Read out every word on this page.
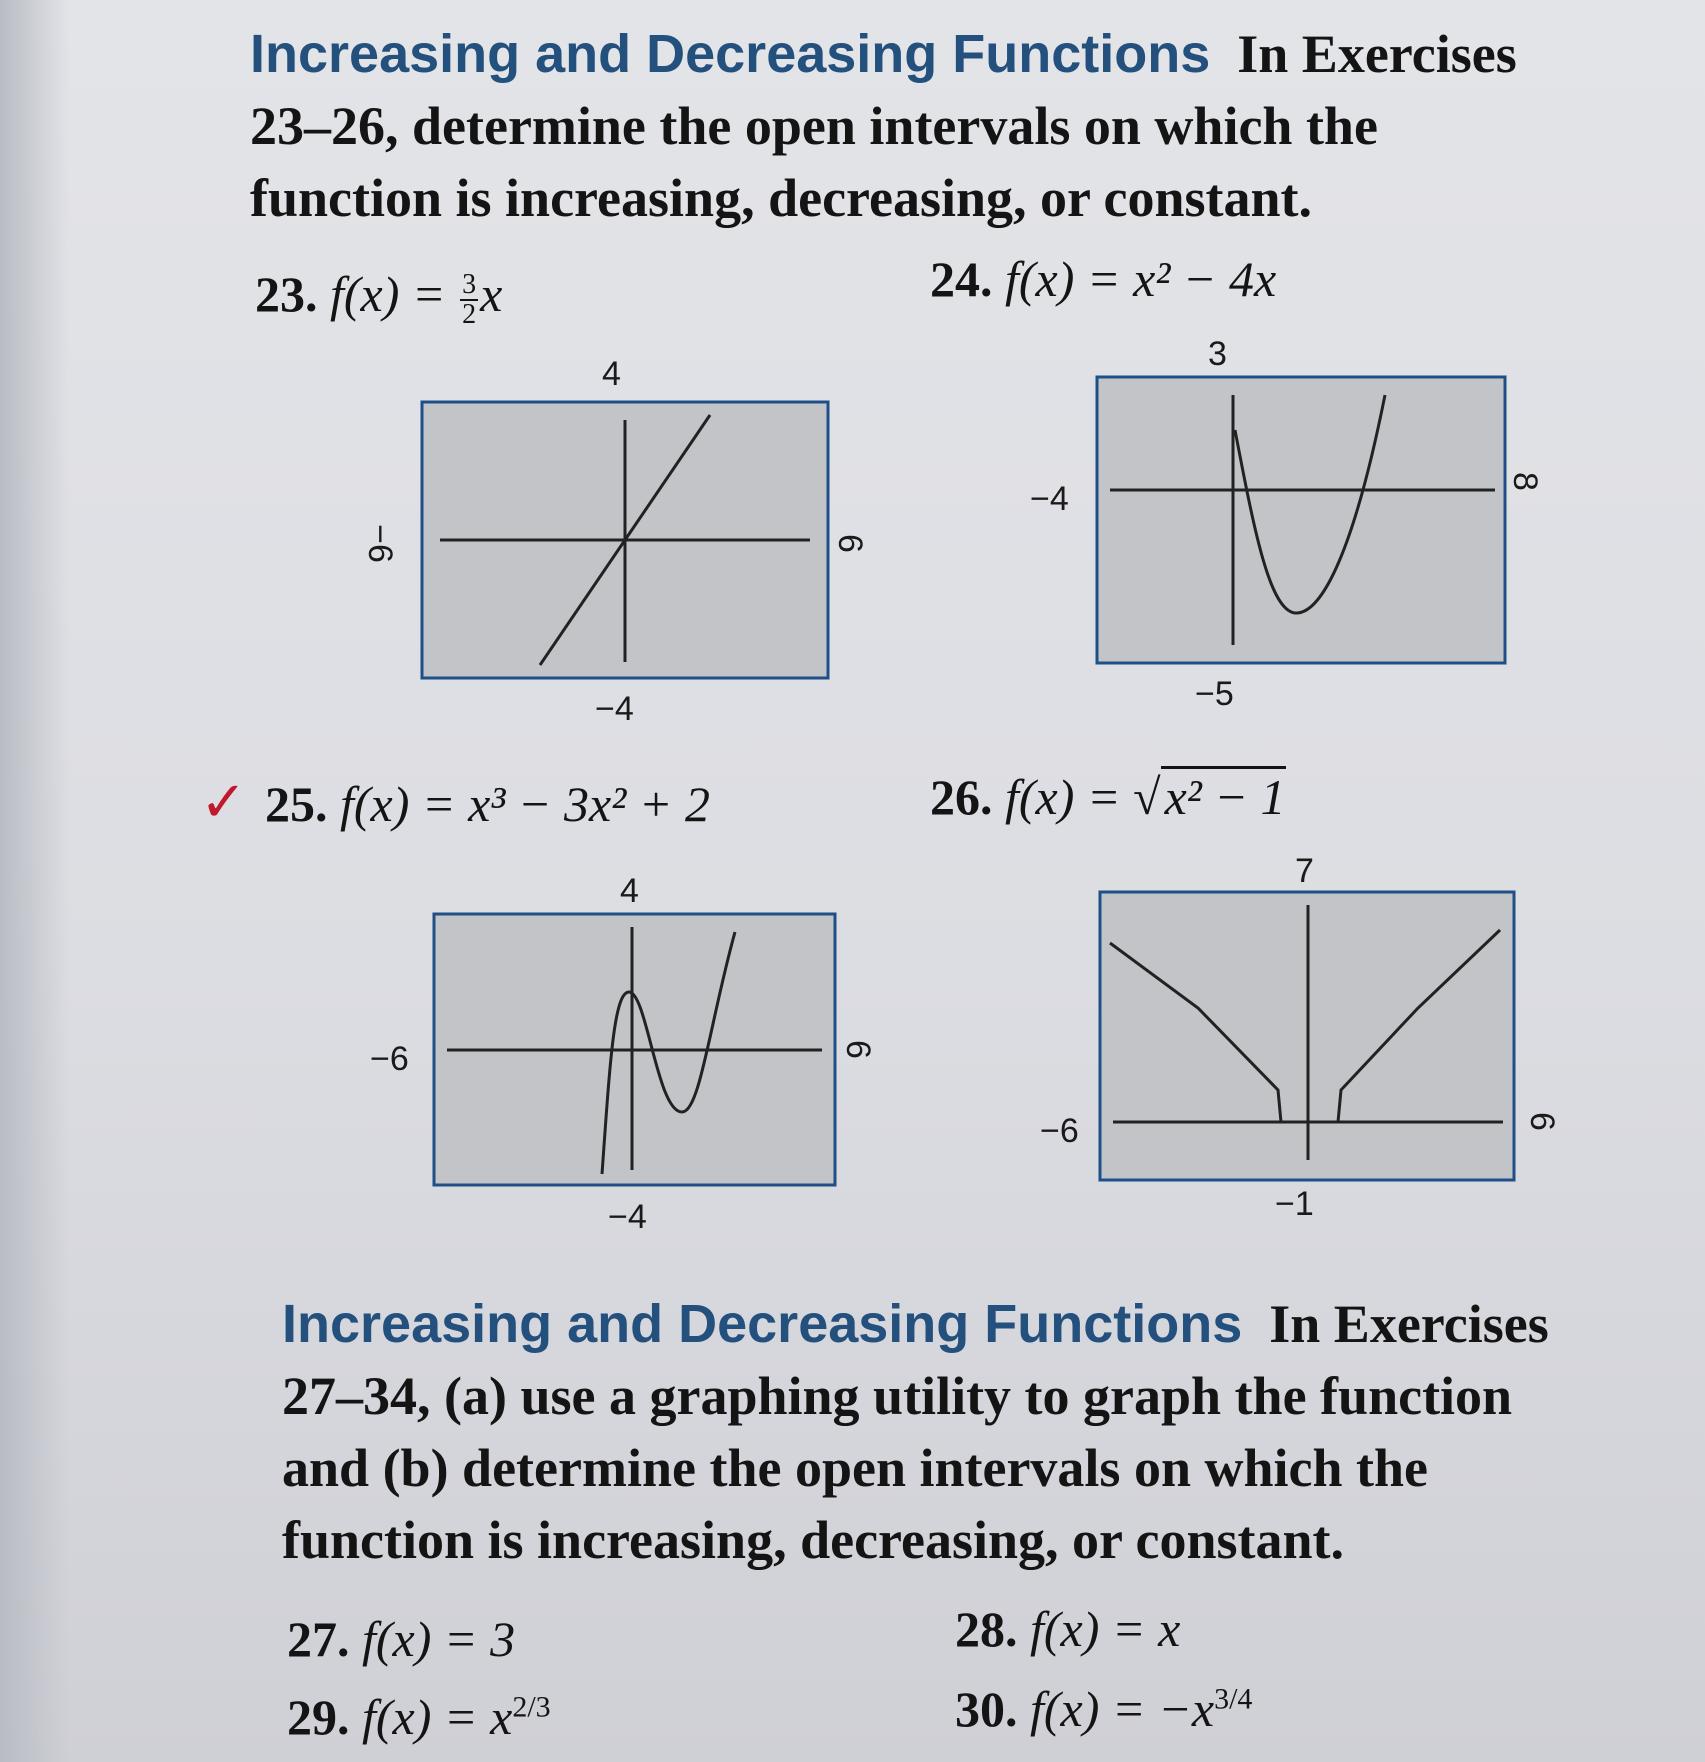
Increasing and Decreasing Functions In Exercises
23–26, determine the open intervals on which the
function is increasing, decreasing, or constant.
23. $f(x) = \frac{3}{2}$ x	24. f(x) = x² − 4x
4
−4
−6	6
3
−5
−4	8
✓ 25. f(x) = x³ − 3x² + 2	26. f(x) = √x² − 1
4
−4
−6	6
7
−1
−6	6
Increasing and Decreasing Functions In Exercises
27–34, (a) use a graphing utility to graph the function
and (b) determine the open intervals on which the
function is increasing, decreasing, or constant.
27. f(x) = 3	28. f(x) = x
29. $f(x) = x^{2/3}$	30. $f(x) = -x^{3/4}$
